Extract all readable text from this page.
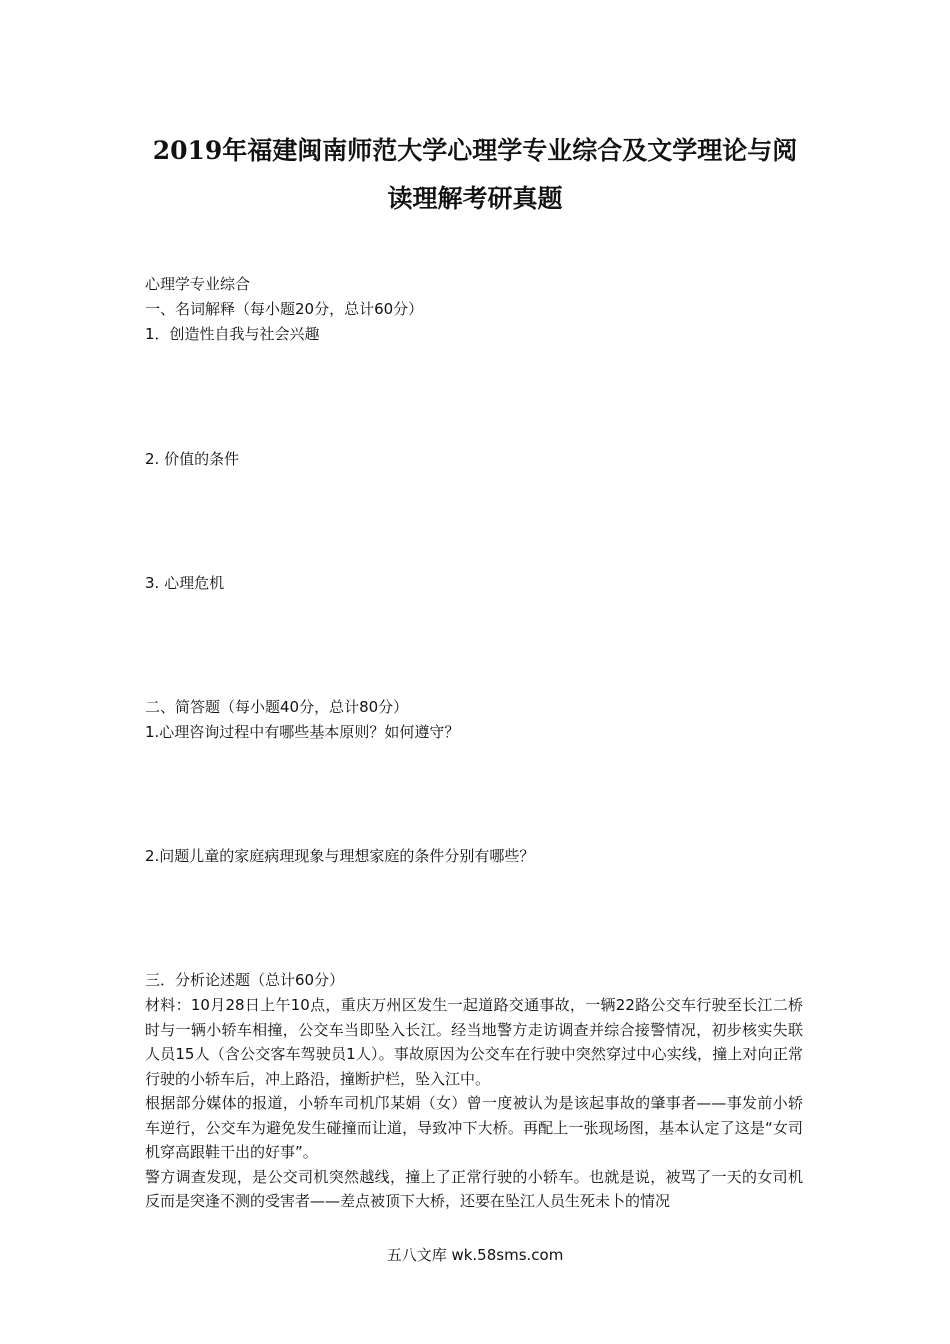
2019年福建闽南师范大学心理学专业综合及文学理论与阅
读理解考研真题
心理学专业综合
一、名词解释（每小题20分，总计60分）
1．创造性自我与社会兴趣
2. 价值的条件
3. 心理危机
二、简答题（每小题40分，总计80分）
1.心理咨询过程中有哪些基本原则？如何遵守？
2.问题儿童的家庭病理现象与理想家庭的条件分别有哪些？
三．分析论述题（总计60分）

材料：10月28日上午10点，重庆万州区发生一起道路交通事故，一辆22路公交车行驶至长江二桥时与一辆小轿车相撞，公交车当即坠入长江。经当地警方走访调查并综合接警情况，初步核实失联人员15人（含公交客车驾驶员1人）。事故原因为公交车在行驶中突然穿过中心实线，撞上对向正常行驶的小轿车后，冲上路沿，撞断护栏，坠入江中。

根据部分媒体的报道，小轿车司机邝某娟（女）曾一度被认为是该起事故的肇事者——事发前小轿车逆行，公交车为避免发生碰撞而让道，导致冲下大桥。再配上一张现场图，基本认定了这是“女司机穿高跟鞋干出的好事”。

警方调查发现，是公交司机突然越线，撞上了正常行驶的小轿车。也就是说，被骂了一天的女司机反而是突逢不测的受害者——差点被顶下大桥，还要在坠江人员生死未卜的情况

五八文库 wk.58sms.com
